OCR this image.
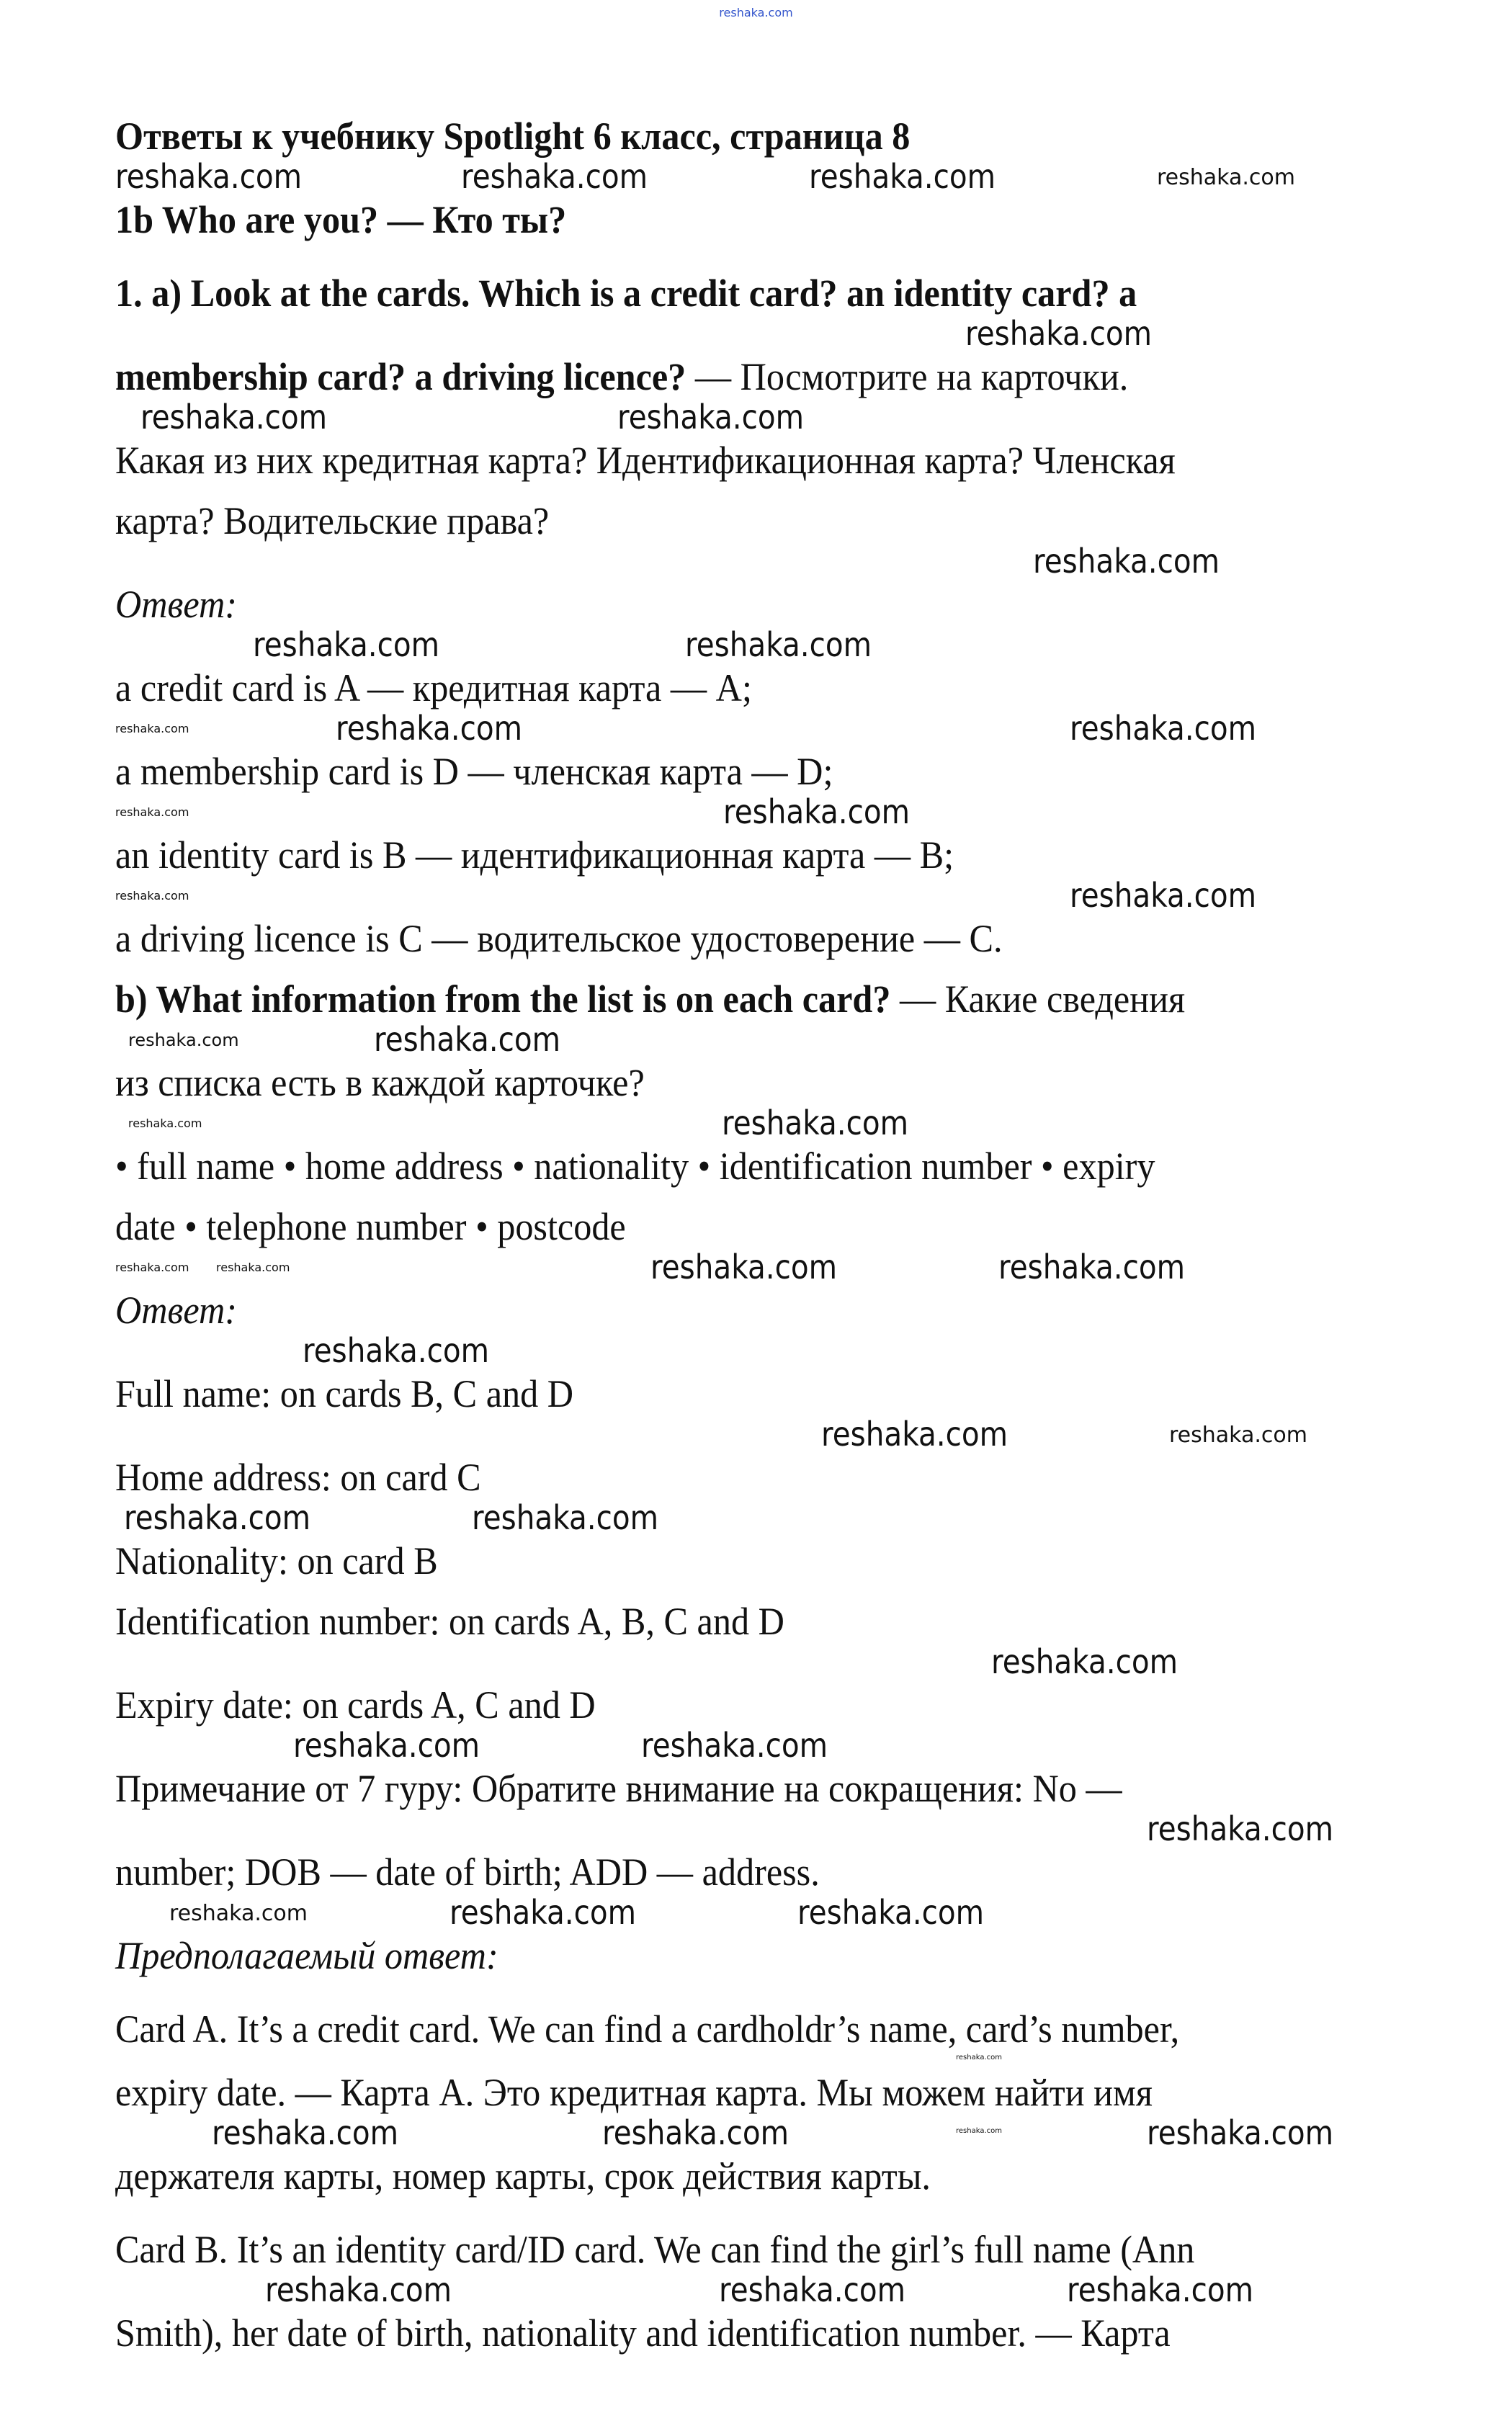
reshaka.com
Ответы к учебнику Spotlight 6 класс, страница 8
reshaka.com	reshaka.com	reshaka.com	reshaka.com
1b Who are you? — Кто ты?
1. a) Look at the cards. Which is a credit card? an identity card? a
reshaka.com
membership card? a driving licence? — Посмотрите на карточки.
reshaka.com	reshaka.com
Какая из них кредитная карта? Идентификационная карта? Членская
карта? Водительские права?
reshaka.com
Ответ:
reshaka.com	reshaka.com
a credit card is A — кредитная карта — A;
reshaka.com	reshaka.com	reshaka.com
a membership card is D — членская карта — D;
reshaka.com	reshaka.com
an identity card is B — идентификационная карта — B;
reshaka.com	reshaka.com
a driving licence is C — водительское удостоверение — C.
b) What information from the list is on each card? — Какие сведения
reshaka.com	reshaka.com
из списка есть в каждой карточке?
reshaka.com	reshaka.com
• full name • home address • nationality • identification number • expiry
date • telephone number • postcode
reshaka.com reshaka.com	reshaka.com	reshaka.com
Ответ:
reshaka.com
Full name: on cards B, C and D
reshaka.com	reshaka.com
Home address: on card C
reshaka.com	reshaka.com
Nationality: on card B
Identification number: on cards A, B, C and D
reshaka.com
Expiry date: on cards A, C and D
reshaka.com	reshaka.com
Примечание от 7 гуру: Обратите внимание на сокращения: No —
reshaka.com
number; DOB — date of birth; ADD — address.
reshaka.com	reshaka.com	reshaka.com
Предполагаемый ответ:
Card A. It’s a credit card. We can find a cardholdr’s name, card’s number,
reshaka.com
expiry date. — Карта A. Это кредитная карта. Мы можем найти имя
reshaka.com	reshaka.com	reshaka.com	reshaka.com
держателя карты, номер карты, срок действия карты.
Card B. It’s an identity card/ID card. We can find the girl’s full name (Ann
reshaka.com	reshaka.com	reshaka.com
Smith), her date of birth, nationality and identification number. — Карта
